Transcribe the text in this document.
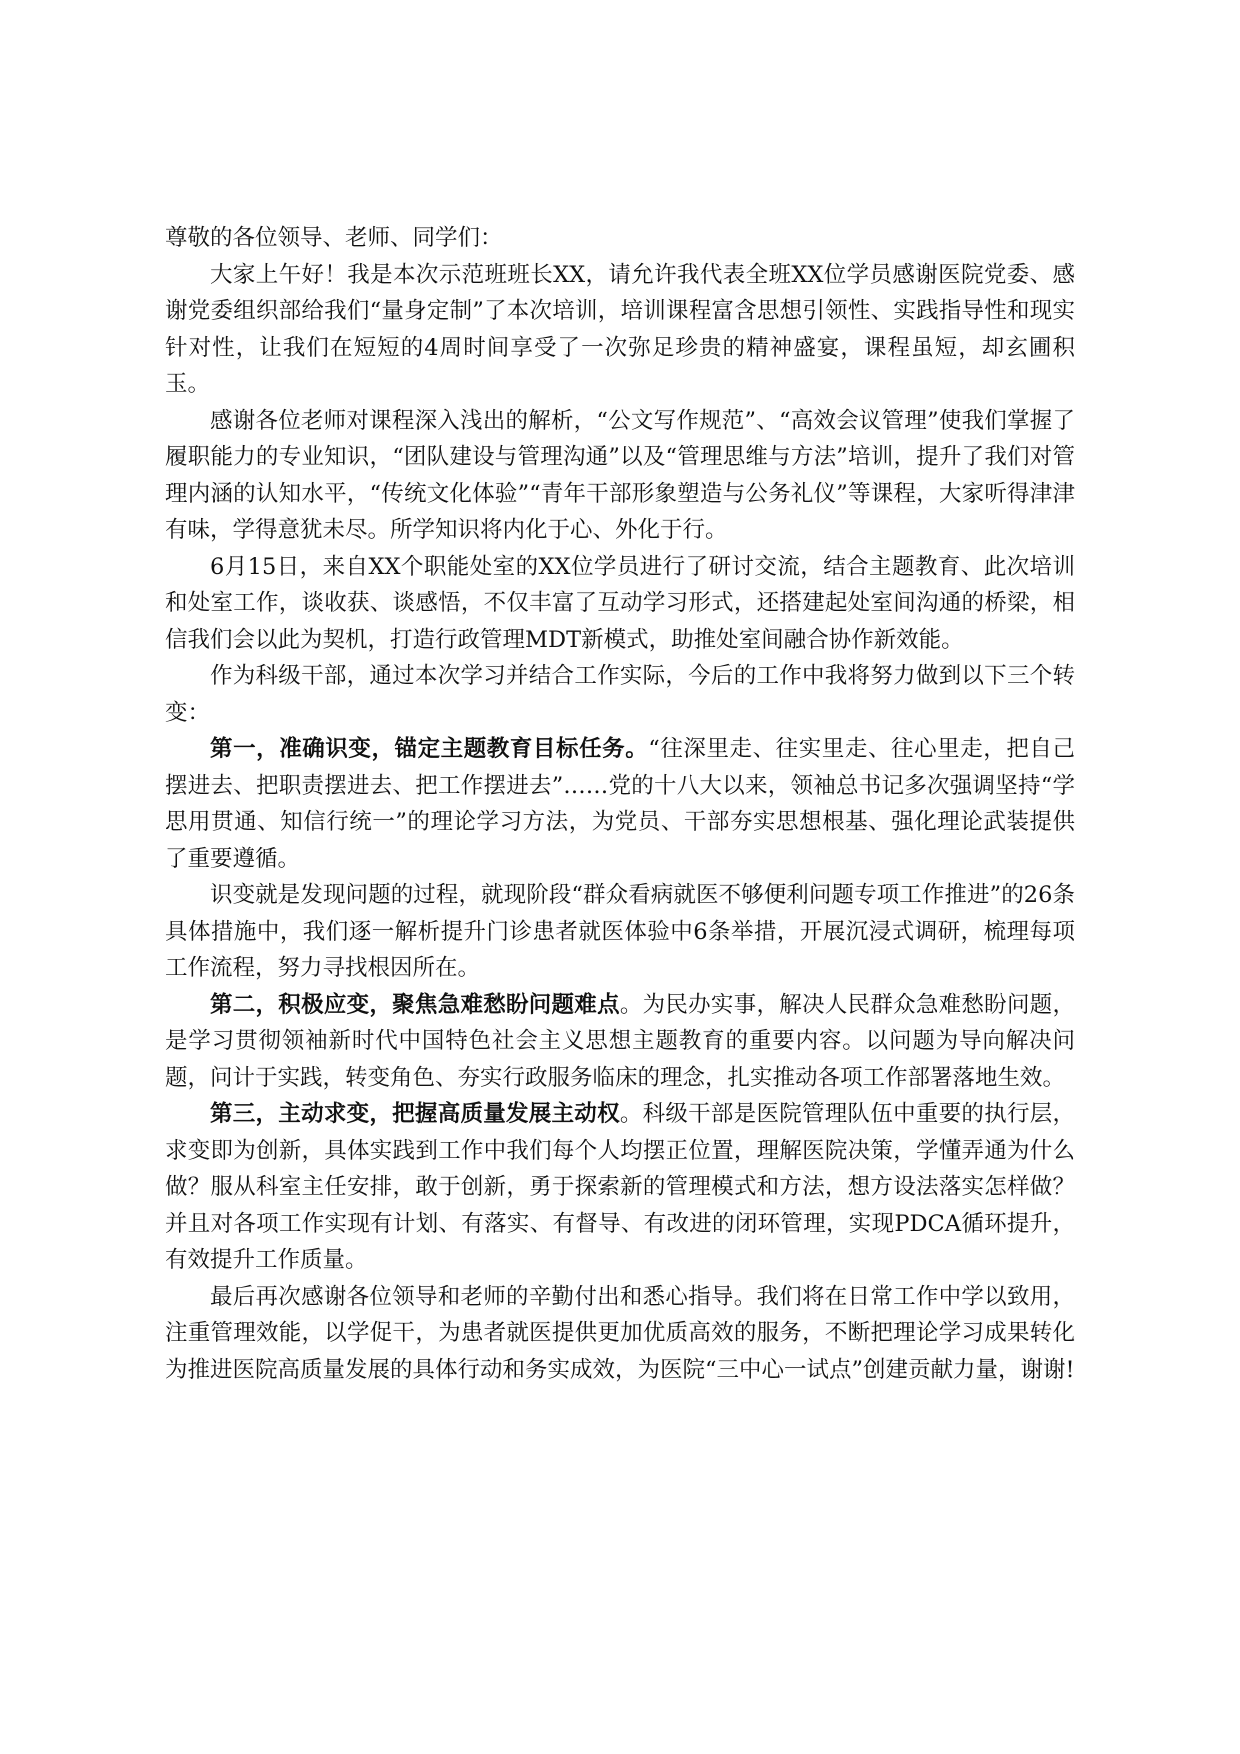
尊敬的各位领导、老师、同学们：

大家上午好！我是本次示范班班长XX，请允许我代表全班XX位学员感谢医院党委、感谢党委组织部给我们“量身定制”了本次培训，培训课程富含思想引领性、实践指导性和现实针对性，让我们在短短的4周时间享受了一次弥足珍贵的精神盛宴，课程虽短，却玄圃积玉。

感谢各位老师对课程深入浅出的解析，“公文写作规范”、“高效会议管理”使我们掌握了履职能力的专业知识，“团队建设与管理沟通”以及“管理思维与方法”培训，提升了我们对管理内涵的认知水平，“传统文化体验”“青年干部形象塑造与公务礼仪”等课程，大家听得津津有味，学得意犹未尽。所学知识将内化于心、外化于行。

6月15日，来自XX个职能处室的XX位学员进行了研讨交流，结合主题教育、此次培训和处室工作，谈收获、谈感悟，不仅丰富了互动学习形式，还搭建起处室间沟通的桥梁，相信我们会以此为契机，打造行政管理MDT新模式，助推处室间融合协作新效能。

作为科级干部，通过本次学习并结合工作实际，今后的工作中我将努力做到以下三个转变：

第一，准确识变，锚定主题教育目标任务。“往深里走、往实里走、往心里走，把自己摆进去、把职责摆进去、把工作摆进去”……党的十八大以来，领袖总书记多次强调坚持“学思用贯通、知信行统一”的理论学习方法，为党员、干部夯实思想根基、强化理论武装提供了重要遵循。

识变就是发现问题的过程，就现阶段“群众看病就医不够便利问题专项工作推进”的26条具体措施中，我们逐一解析提升门诊患者就医体验中6条举措，开展沉浸式调研，梳理每项工作流程，努力寻找根因所在。

第二，积极应变，聚焦急难愁盼问题难点。为民办实事，解决人民群众急难愁盼问题，是学习贯彻领袖新时代中国特色社会主义思想主题教育的重要内容。以问题为导向解决问题，问计于实践，转变角色、夯实行政服务临床的理念，扎实推动各项工作部署落地生效。

第三，主动求变，把握高质量发展主动权。科级干部是医院管理队伍中重要的执行层，求变即为创新，具体实践到工作中我们每个人均摆正位置，理解医院决策，学懂弄通为什么做？服从科室主任安排，敢于创新，勇于探索新的管理模式和方法，想方设法落实怎样做？并且对各项工作实现有计划、有落实、有督导、有改进的闭环管理，实现PDCA循环提升，有效提升工作质量。

最后再次感谢各位领导和老师的辛勤付出和悉心指导。我们将在日常工作中学以致用，注重管理效能，以学促干，为患者就医提供更加优质高效的服务，不断把理论学习成果转化为推进医院高质量发展的具体行动和务实成效，为医院“三中心一试点”创建贡献力量，谢谢!
